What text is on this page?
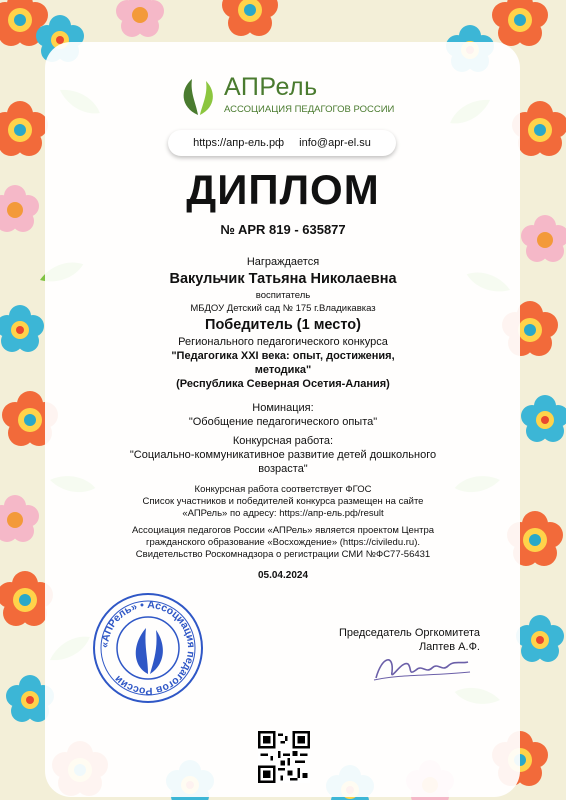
АПРель
АССОЦИАЦИЯ ПЕДАГОГОВ РОССИИ
https://апр-ель.рф info@apr-el.su
ДИПЛОМ
№ APR 819 - 635877
Награждается
Вакульчик Татьяна Николаевна
воспитатель
МБДОУ Детский сад № 175 г.Владикавказ
Победитель (1 место)
Регионального педагогического конкурса
"Педагогика XXI века: опыт, достижения,
методика"
(Республика Северная Осетия-Алания)
Номинация:
"Обобщение педагогического опыта"
Конкурсная работа:
"Социально-коммуникативное развитие детей дошкольного
возраста"
Конкурсная работа соответствует ФГОС
Список участников и победителей конкурса размещен на сайте
«АПРель» по адресу: https://апр-ель.рф/result
Ассоциация педагогов России «АПРель» является проектом Центра
гражданского образование «Восхождение» (https://civiledu.ru).
Свидетельство Роскомнадзора о регистрации СМИ №ФС77-56431
05.04.2024
«АПРель» • Ассоциация педагогов России
Председатель Оргкомитета
Лаптев А.Ф.
